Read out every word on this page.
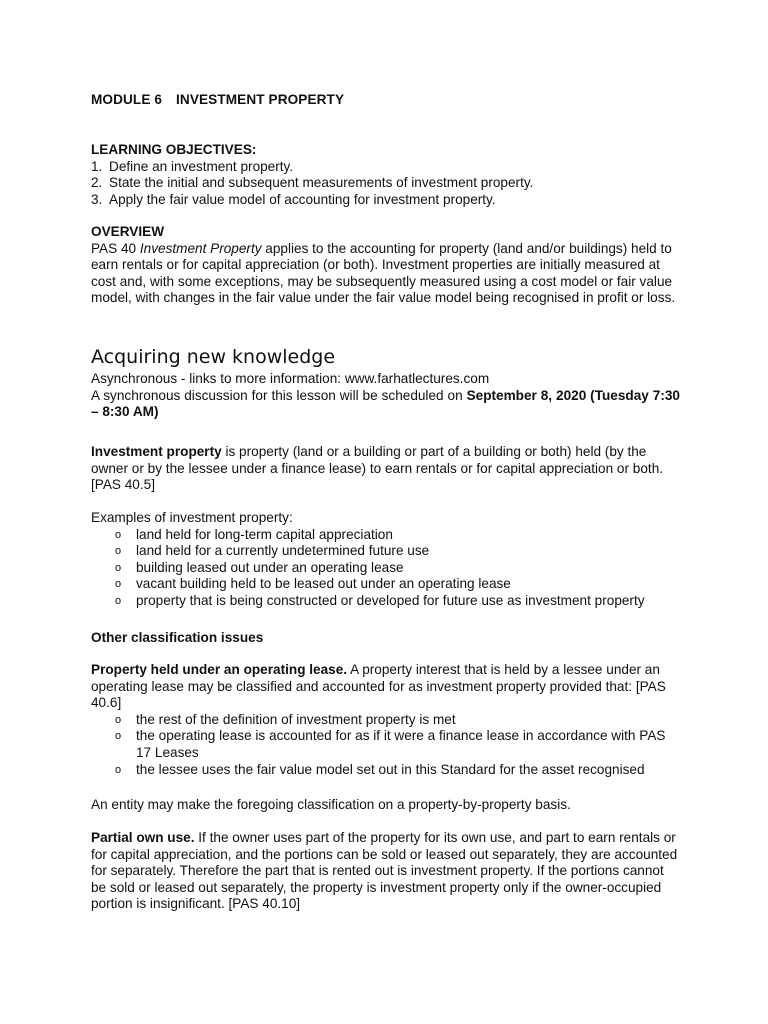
MODULE 6 INVESTMENT PROPERTY
LEARNING OBJECTIVES:
1. Define an investment property.
2. State the initial and subsequent measurements of investment property.
3. Apply the fair value model of accounting for investment property.
OVERVIEW
PAS 40 Investment Property applies to the accounting for property (land and/or buildings) held to earn rentals or for capital appreciation (or both). Investment properties are initially measured at cost and, with some exceptions, may be subsequently measured using a cost model or fair value model, with changes in the fair value under the fair value model being recognised in profit or loss.
Acquiring new knowledge
Asynchronous - links to more information: www.farhatlectures.com
A synchronous discussion for this lesson will be scheduled on September 8, 2020 (Tuesday 7:30 – 8:30 AM)
Investment property is property (land or a building or part of a building or both) held (by the owner or by the lessee under a finance lease) to earn rentals or for capital appreciation or both. [PAS 40.5]
Examples of investment property:
o land held for long-term capital appreciation
o land held for a currently undetermined future use
o building leased out under an operating lease
o vacant building held to be leased out under an operating lease
o property that is being constructed or developed for future use as investment property
Other classification issues
Property held under an operating lease. A property interest that is held by a lessee under an operating lease may be classified and accounted for as investment property provided that: [PAS 40.6]
o the rest of the definition of investment property is met
o the operating lease is accounted for as if it were a finance lease in accordance with PAS 17 Leases
o the lessee uses the fair value model set out in this Standard for the asset recognised
An entity may make the foregoing classification on a property-by-property basis.
Partial own use. If the owner uses part of the property for its own use, and part to earn rentals or for capital appreciation, and the portions can be sold or leased out separately, they are accounted for separately. Therefore the part that is rented out is investment property. If the portions cannot be sold or leased out separately, the property is investment property only if the owner-occupied portion is insignificant. [PAS 40.10]
